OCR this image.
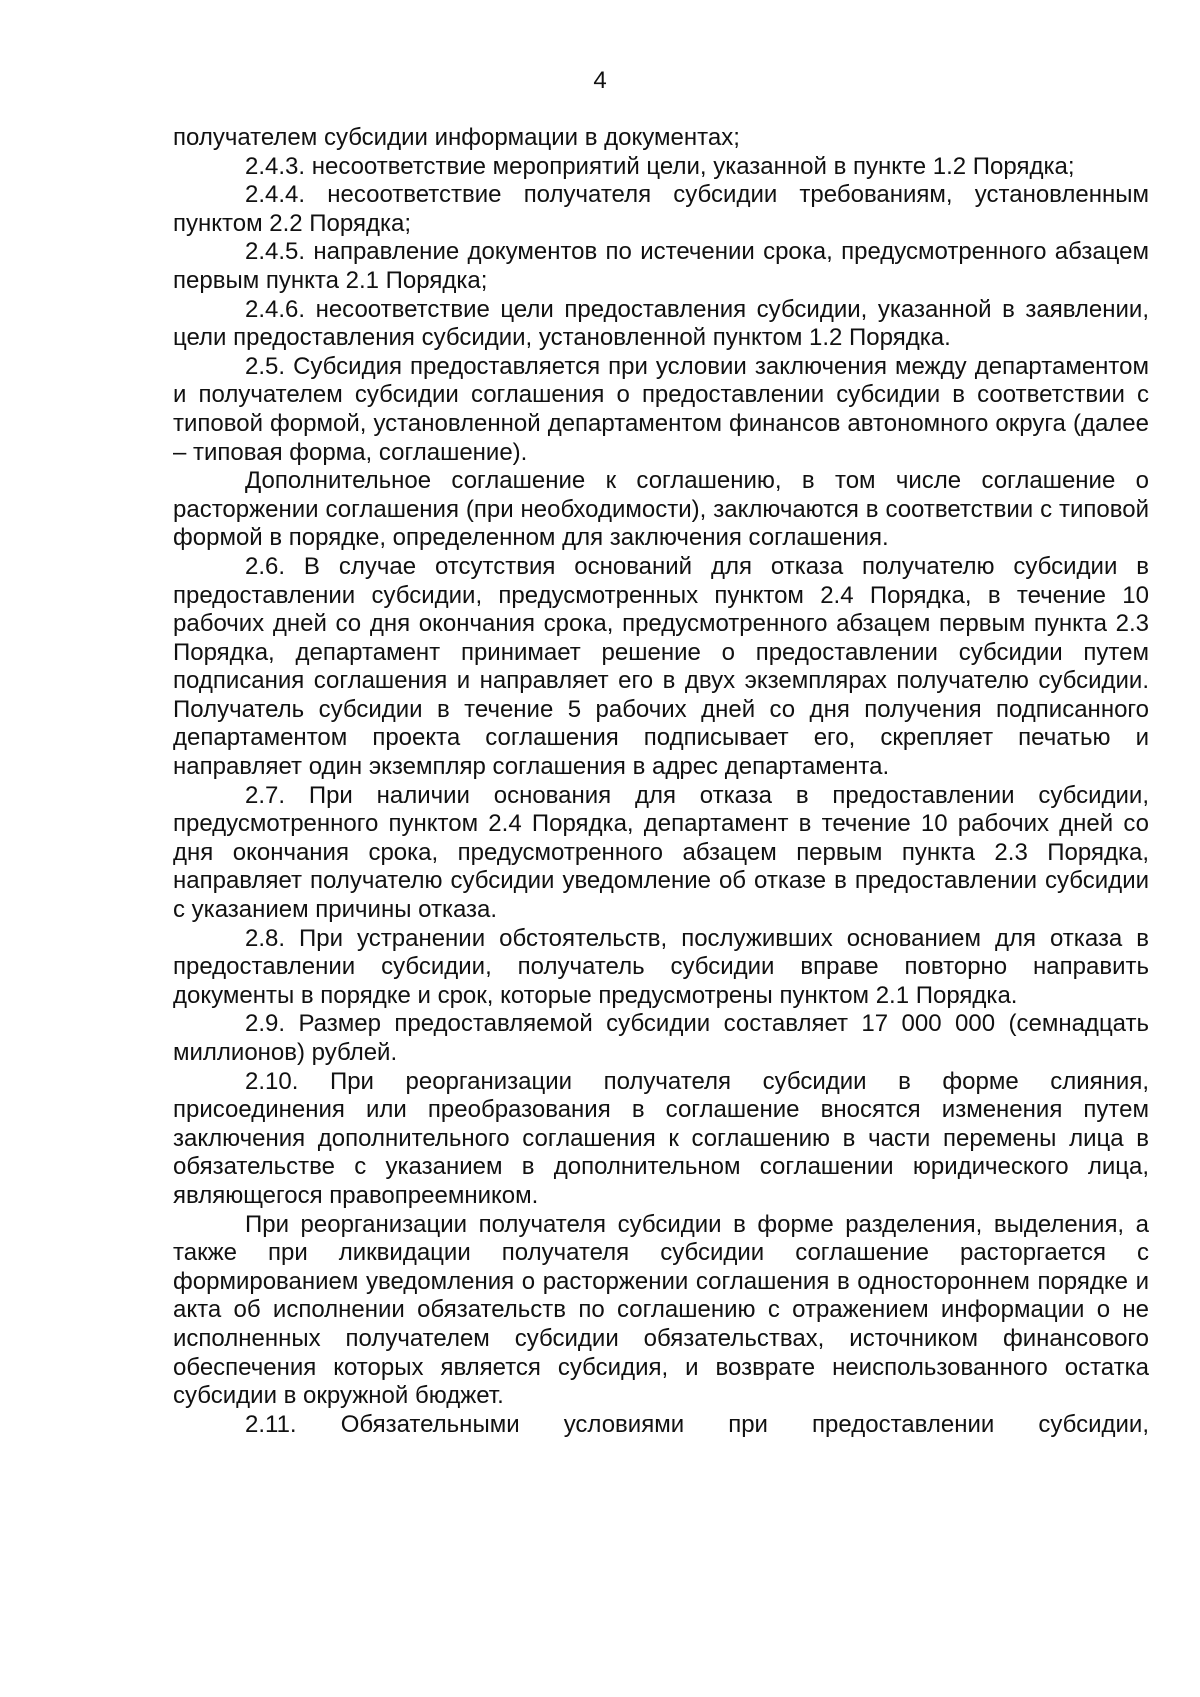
4

получателем субсидии информации в документах;

2.4.3. несоответствие мероприятий цели, указанной в пункте 1.2 Порядка;

2.4.4. несоответствие получателя субсидии требованиям, установленным пунктом 2.2 Порядка;

2.4.5. направление документов по истечении срока, предусмотренного абзацем первым пункта 2.1 Порядка;

2.4.6. несоответствие цели предоставления субсидии, указанной в заявлении, цели предоставления субсидии, установленной пунктом 1.2 Порядка.

2.5. Субсидия предоставляется при условии заключения между департаментом и получателем субсидии соглашения о предоставлении субсидии в соответствии с типовой формой, установленной департаментом финансов автономного округа (далее – типовая форма, соглашение).

Дополнительное соглашение к соглашению, в том числе соглашение о расторжении соглашения (при необходимости), заключаются в соответствии с типовой формой в порядке, определенном для заключения соглашения.

2.6. В случае отсутствия оснований для отказа получателю субсидии в предоставлении субсидии, предусмотренных пунктом 2.4 Порядка, в течение 10 рабочих дней со дня окончания срока, предусмотренного абзацем первым пункта 2.3 Порядка, департамент принимает решение о предоставлении субсидии путем подписания соглашения и направляет его в двух экземплярах получателю субсидии. Получатель субсидии в течение 5 рабочих дней со дня получения подписанного департаментом проекта соглашения подписывает его, скрепляет печатью и направляет один экземпляр соглашения в адрес департамента.

2.7. При наличии основания для отказа в предоставлении субсидии, предусмотренного пунктом 2.4 Порядка, департамент в течение 10 рабочих дней со дня окончания срока, предусмотренного абзацем первым пункта 2.3 Порядка, направляет получателю субсидии уведомление об отказе в предоставлении субсидии с указанием причины отказа.

2.8. При устранении обстоятельств, послуживших основанием для отказа в предоставлении субсидии, получатель субсидии вправе повторно направить документы в порядке и срок, которые предусмотрены пунктом 2.1 Порядка.

2.9. Размер предоставляемой субсидии составляет 17 000 000 (семнадцать миллионов) рублей.

2.10. При реорганизации получателя субсидии в форме слияния, присоединения или преобразования в соглашение вносятся изменения путем заключения дополнительного соглашения к соглашению в части перемены лица в обязательстве с указанием в дополнительном соглашении юридического лица, являющегося правопреемником.

При реорганизации получателя субсидии в форме разделения, выделения, а также при ликвидации получателя субсидии соглашение расторгается с формированием уведомления о расторжении соглашения в одностороннем порядке и акта об исполнении обязательств по соглашению с отражением информации о не исполненных получателем субсидии обязательствах, источником финансового обеспечения которых является субсидия, и возврате неиспользованного остатка субсидии в окружной бюджет.

2.11. Обязательными условиями при предоставлении субсидии,
